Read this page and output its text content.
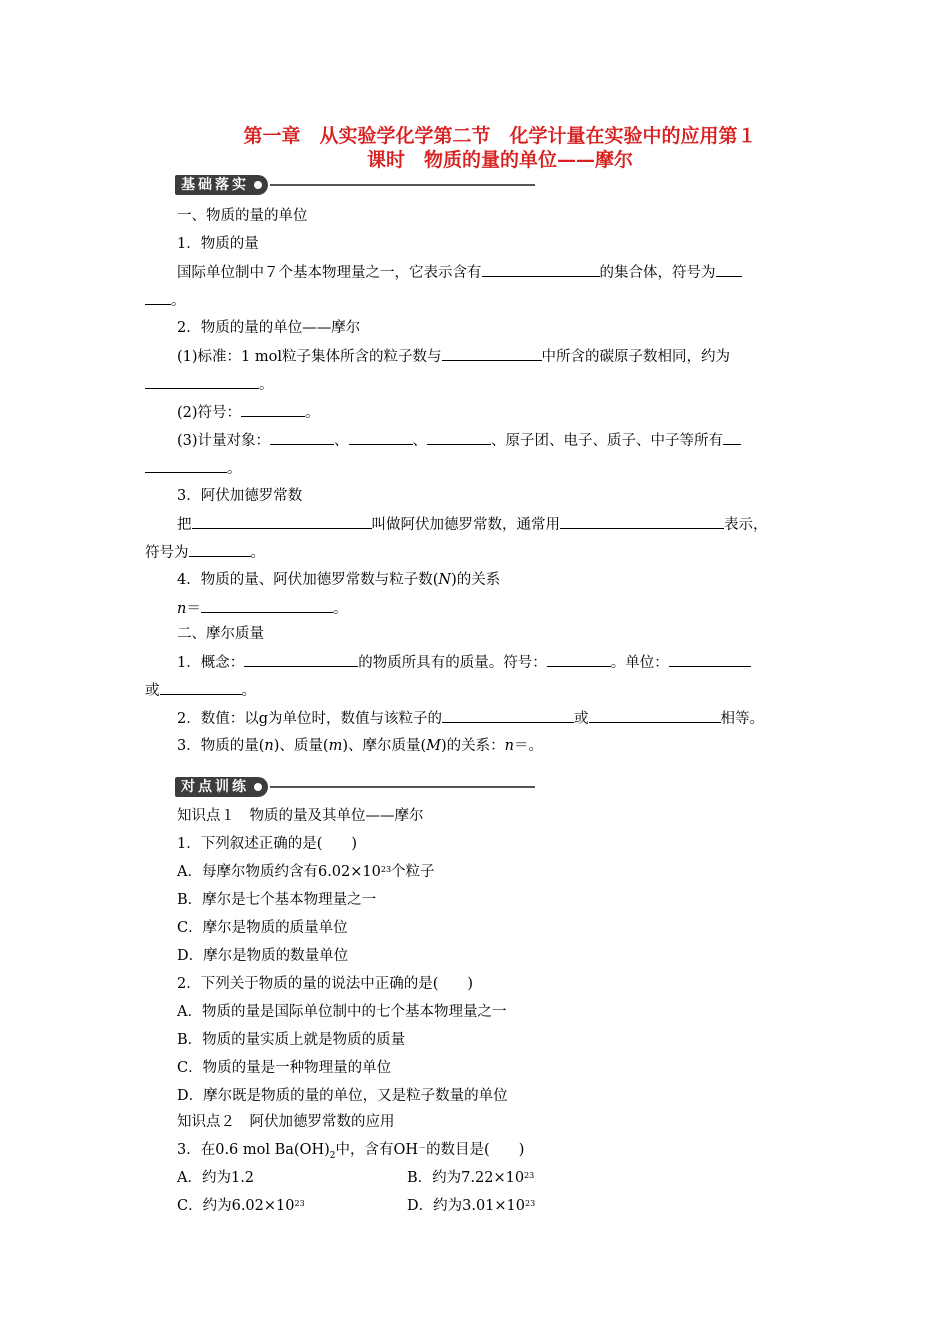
第一章　从实验学化学第二节　化学计量在实验中的应用第１
课时　物质的量的单位——摩尔
基础落实
一、物质的量的单位
1．物质的量
国际单位制中７个基本物理量之一，它表示含有	的集合体，符号为
。
2．物质的量的单位——摩尔
(1)标准：1 mol粒子集体所含的粒子数与	中所含的碳原子数相同，约为
。
(2)符号：	。
(3)计量对象：	、	、	、原子团、电子、质子、中子等所有
。
3．阿伏加德罗常数
把	叫做阿伏加德罗常数，通常用	表示，
符号为	。
4．物质的量、阿伏加德罗常数与粒子数(N)的关系
n＝	。
二、摩尔质量
1．概念：	的物质所具有的质量。符号：	。单位：
或	。
2．数值：以g为单位时，数值与该粒子的	或	相等。
3．物质的量(n)、质量(m)、摩尔质量(M)的关系：n＝。
对点训练
知识点１　物质的量及其单位——摩尔
1．下列叙述正确的是(　　)
A．每摩尔物质约含有$6.02\times 10^{23}$个粒子
B．摩尔是七个基本物理量之一
C．摩尔是物质的质量单位
D．摩尔是物质的数量单位
2．下列关于物质的量的说法中正确的是(　　)
A．物质的量是国际单位制中的七个基本物理量之一
B．物质的量实质上就是物质的质量
C．物质的量是一种物理量的单位
D．摩尔既是物质的量的单位，又是粒子数量的单位
知识点２　阿伏加德罗常数的应用
3．在0.6 mol $Ba(OH)_2$中，含有OH－的数目是(　　)
A．约为1.2	B．约为$7.22\times 10^{23}$
C．约为$6.02\times 10^{23}$	D．约为$3.01\times 10^{23}$
